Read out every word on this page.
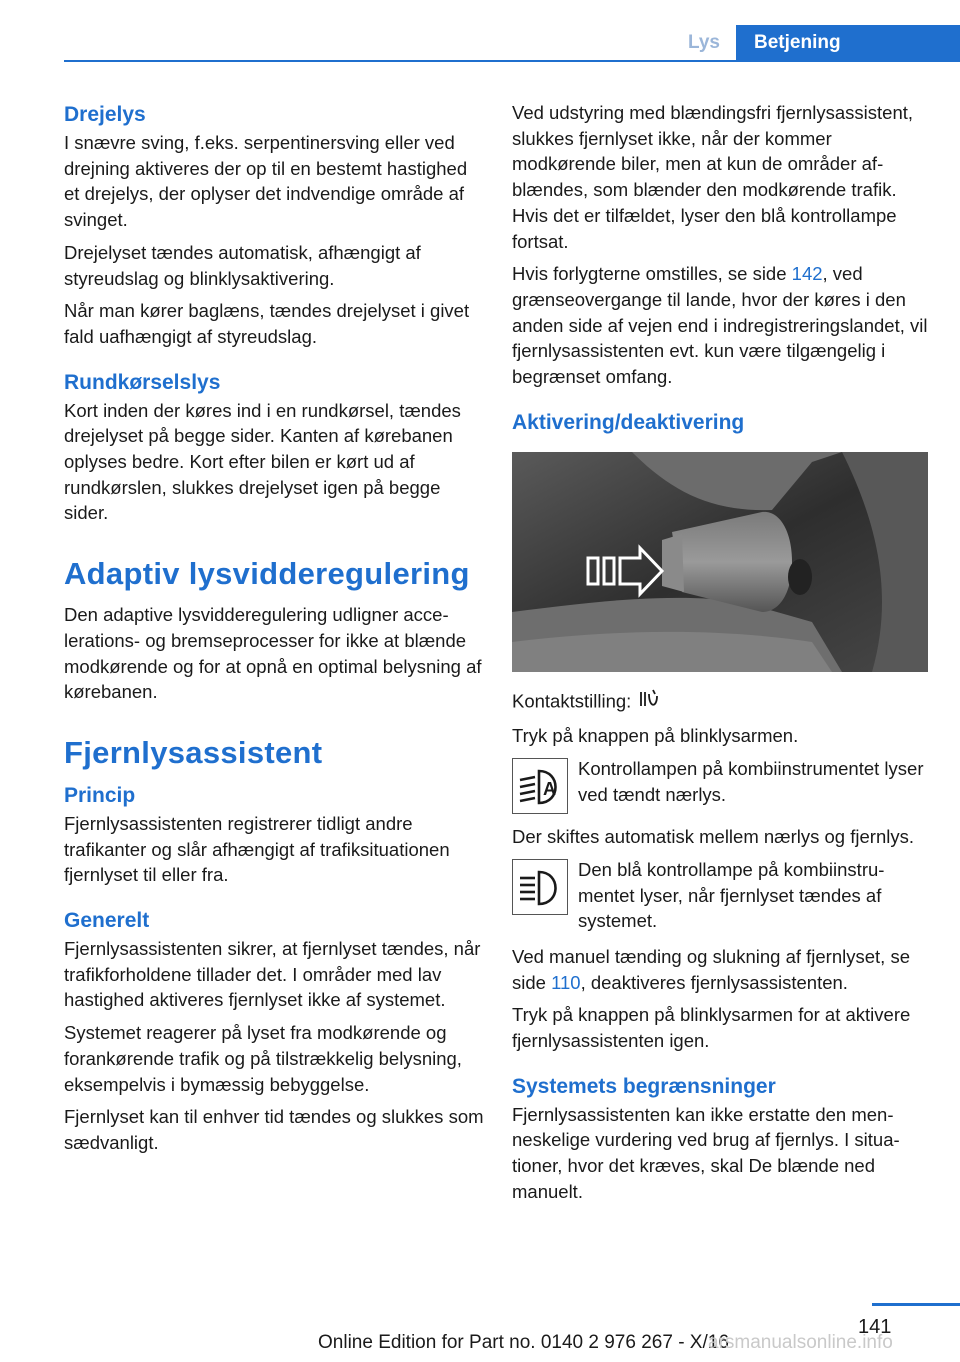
Lys	Betjening
Drejelys

I snævre sving, f.eks. serpentinersving eller ved drejning aktiveres der op til en bestemt hastighed et drejelys, der oplyser det indvendige område af svinget.

Drejelyset tændes automatisk, afhængigt af styreudslag og blinklysaktivering.

Når man kører baglæns, tændes drejelyset i givet fald uafhængigt af styreudslag.

Rundkørselslys

Kort inden der køres ind i en rundkørsel, tændes drejelyset på begge sider. Kanten af kørebanen oplyses bedre. Kort efter bilen er kørt ud af rundkørslen, slukkes drejelyset igen på begge sider.

Adaptiv lysvidderegulering

Den adaptive lysvidderegulering udligner accelerations- og bremseprocesser for ikke at blænde modkørende og for at opnå en optimal belysning af kørebanen.

Fjernlysassistent
Princip

Fjernlysassistenten registrerer tidligt andre trafikanter og slår afhængigt af trafiksituationen fjernlyset til eller fra.

Generelt

Fjernlysassistenten sikrer, at fjernlyset tændes, når trafikforholdene tillader det. I områder med lav hastighed aktiveres fjernlyset ikke af systemet.

Systemet reagerer på lyset fra modkørende og forankørende trafik og på tilstrækkelig belysning, eksempelvis i bymæssig bebyggelse.

Fjernlyset kan til enhver tid tændes og slukkes som sædvanligt.

Ved udstyring med blændingsfri fjernlysassistent, slukkes fjernlyset ikke, når der kommer modkørende biler, men at kun de områder afblændes, som blænder den modkørende trafik. Hvis det er tilfældet, lyser den blå kontrollampe fortsat.

Hvis forlygterne omstilles, se side 142, ved grænseovergange til lande, hvor der køres i den anden side af vejen end i indregistreringslandet, vil fjernlysassistenten evt. kun være tilgængelig i begrænset omfang.

Aktivering/deaktivering

Kontaktstilling:

Tryk på knappen på blinklysarmen.

A
Kontrollampen på kombiinstrumentet lyser ved tændt nærlys.

Der skiftes automatisk mellem nærlys og fjernlys.

Den blå kontrollampe på kombiinstrumentet lyser, når fjernlyset tændes af systemet.

Ved manuel tænding og slukning af fjernlyset, se side 110, deaktiveres fjernlysassistenten.

Tryk på knappen på blinklysarmen for at aktivere fjernlysassistenten igen.

Systemets begrænsninger

Fjernlysassistenten kan ikke erstatte den menneskelige vurdering ved brug af fjernlys. I situationer, hvor det kræves, skal De blænde ned manuelt.

141
Online Edition for Part no. 0140 2 976 267 - X/16
arsmanualsonline.info
